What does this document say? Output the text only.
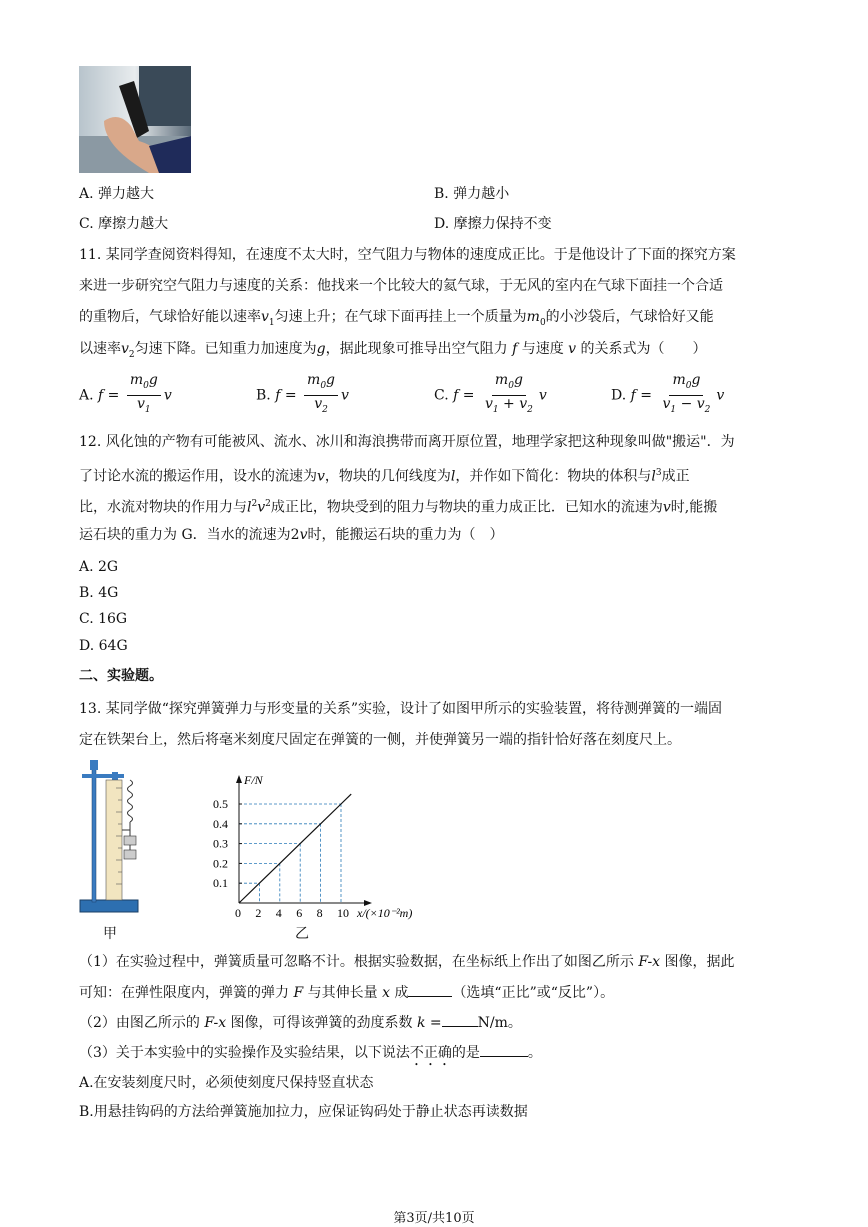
A. 弹力越大	B. 弹力越小
C. 摩擦力越大	D. 摩擦力保持不变
11. 某同学查阅资料得知，在速度不太大时，空气阻力与物体的速度成正比。于是他设计了下面的探究方案
来进一步研究空气阻力与速度的关系：他找来一个比较大的氦气球，于无风的室内在气球下面挂一个合适
的重物后，气球恰好能以速率$v_1$匀速上升；在气球下面再挂上一个质量为$m_0$的小沙袋后，气球恰好又能
以速率$v_2$匀速下降。已知重力加速度为g，据此现象可推导出空气阻力 f 与速度 v 的关系式为（　　）
A. $f = \frac{m_0g}{v_1}$ v	B. $f = \frac{m_0g}{v_2}$ v	C. $f = \frac{m_0g}{v_1 + v_2}$ v	D. $f = \frac{m_0g}{v_1 - v_2}$ v
12. 风化蚀的产物有可能被风、流水、冰川和海浪携带而离开原位置，地理学家把这种现象叫做"搬运"．为
了讨论水流的搬运作用，设水的流速为v，物块的几何线度为l，并作如下简化：物块的体积与$l^3$成正
比，水流对物块的作用力与$l^2v^2$成正比，物块受到的阻力与物块的重力成正比．已知水的流速为v时,能搬
运石块的重力为 G．当水的流速为2v时，能搬运石块的重力为（　）
A. 2G
B. 4G
C. 16G
D. 64G
二、实验题。
13. 某同学做“探究弹簧弹力与形变量的关系”实验，设计了如图甲所示的实验装置，将待测弹簧的一端固
定在铁架台上，然后将毫米刻度尺固定在弹簧的一侧，并使弹簧另一端的指针恰好落在刻度尺上。
甲
F/N
x/(×10⁻²m)
0 2 4 6 8 10
0.1
0.2
0.3
0.4
0.5
乙
（1）在实验过程中，弹簧质量可忽略不计。根据实验数据，在坐标纸上作出了如图乙所示 F-x 图像，据此
可知：在弹性限度内，弹簧的弹力 F 与其伸长量 x 成	（选填“正比”或“反比”）。
（2）由图乙所示的 F-x 图像，可得该弹簧的劲度系数 k =	N/m。
（3）关于本实验中的实验操作及实验结果，以下说法不正确的是	。
A.在安装刻度尺时，必须使刻度尺保持竖直状态
B.用悬挂钩码的方法给弹簧施加拉力，应保证钩码处于静止状态再读数据
第3页/共10页
